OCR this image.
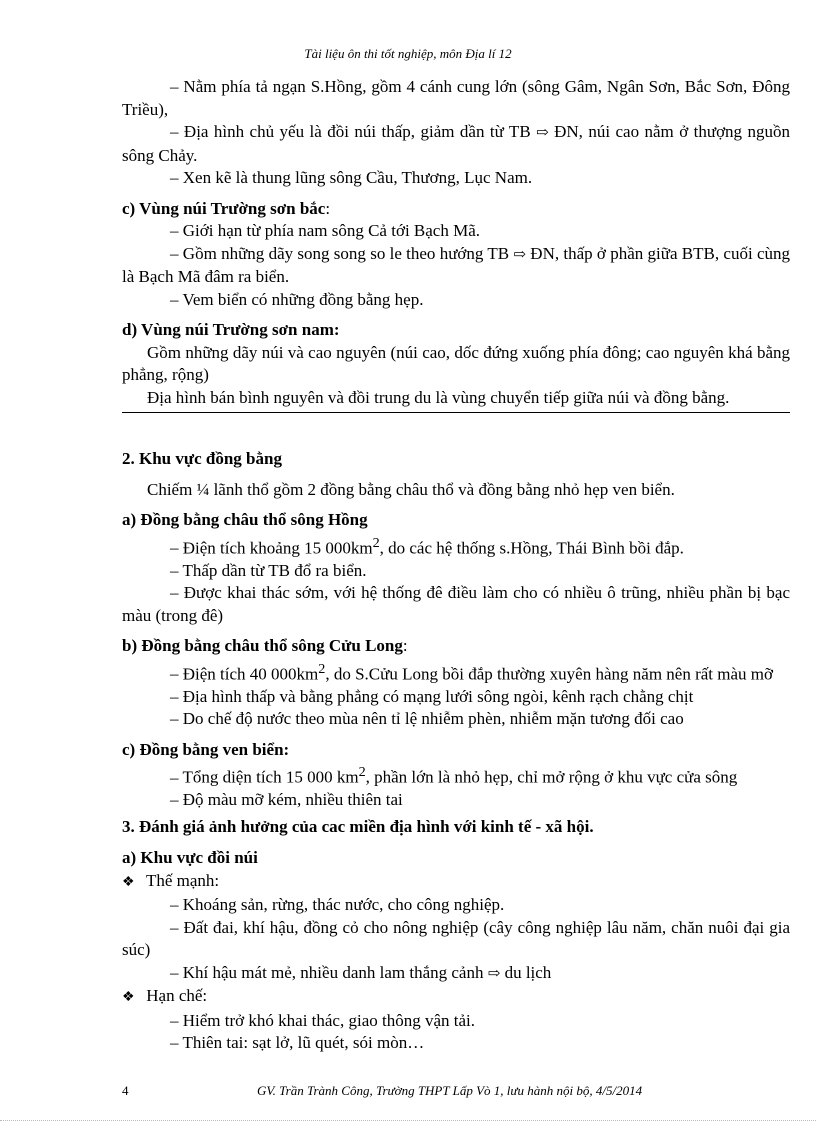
Tài liệu ôn thi tốt nghiệp, môn Địa lí 12

– Nằm phía tả ngạn S.Hồng, gồm 4 cánh cung lớn (sông Gâm, Ngân Sơn, Bắc Sơn, Đông Triều),

– Địa hình chủ yếu là đồi núi thấp, giảm dần từ TB ⇨ ĐN, núi cao nằm ở thượng nguồn sông Chảy.

– Xen kẽ là thung lũng sông Cầu, Thương, Lục Nam.

c) Vùng núi Trường sơn bắc:

– Giới hạn từ phía nam sông Cả tới Bạch Mã.

– Gồm những dãy song song so le theo hướng TB ⇨ ĐN, thấp ở phần giữa BTB, cuối cùng là Bạch Mã đâm ra biển.

– Vem biển có những đồng bằng hẹp.

d) Vùng núi Trường sơn nam:

Gồm những dãy núi và cao nguyên (núi cao, dốc đứng xuống phía đông; cao nguyên khá bằng phẳng, rộng)

Địa hình bán bình nguyên và đồi trung du là vùng chuyển tiếp giữa núi và đồng bằng.

2. Khu vực đồng bằng

Chiếm ¼ lãnh thổ gồm 2 đồng bằng châu thổ và đồng bằng nhỏ hẹp ven biển.

a) Đồng bằng châu thổ sông Hồng

– Điện tích khoảng 15 $000km^2$, do các hệ thống s.Hồng, Thái Bình bồi đắp.

– Thấp dần từ TB đổ ra biển.

– Được khai thác sớm, với hệ thống đê điều làm cho có nhiều ô trũng, nhiều phần bị bạc màu (trong đê)

b) Đồng bằng châu thổ sông Cửu Long:

– Điện tích 40 $000km^2$, do S.Cửu Long bồi đắp thường xuyên hàng năm nên rất màu mỡ

– Địa hình thấp và bằng phẳng có mạng lưới sông ngòi, kênh rạch chằng chịt

– Do chế độ nước theo mùa nên tỉ lệ nhiễm phèn, nhiễm mặn tương đối cao

c) Đồng bằng ven biển:

– Tổng diện tích 15 000 $km^2$, phần lớn là nhỏ hẹp, chỉ mở rộng ở khu vực cửa sông

– Độ màu mỡ kém, nhiều thiên tai

3. Đánh giá ảnh hưởng của cac miền địa hình với kinh tế - xã hội.

a) Khu vực đồi núi

❖ Thế mạnh:

– Khoáng sản, rừng, thác nước, cho công nghiệp.

– Đất đai, khí hậu, đồng cỏ cho nông nghiệp (cây công nghiệp lâu năm, chăn nuôi đại gia súc)

– Khí hậu mát mẻ, nhiều danh lam thắng cảnh ⇨ du lịch

❖ Hạn chế:

– Hiểm trở khó khai thác, giao thông vận tải.

– Thiên tai: sạt lở, lũ quét, sói mòn…

4	GV. Trần Trành Công, Trường THPT Lấp Vò 1, lưu hành nội bộ, 4/5/2014
